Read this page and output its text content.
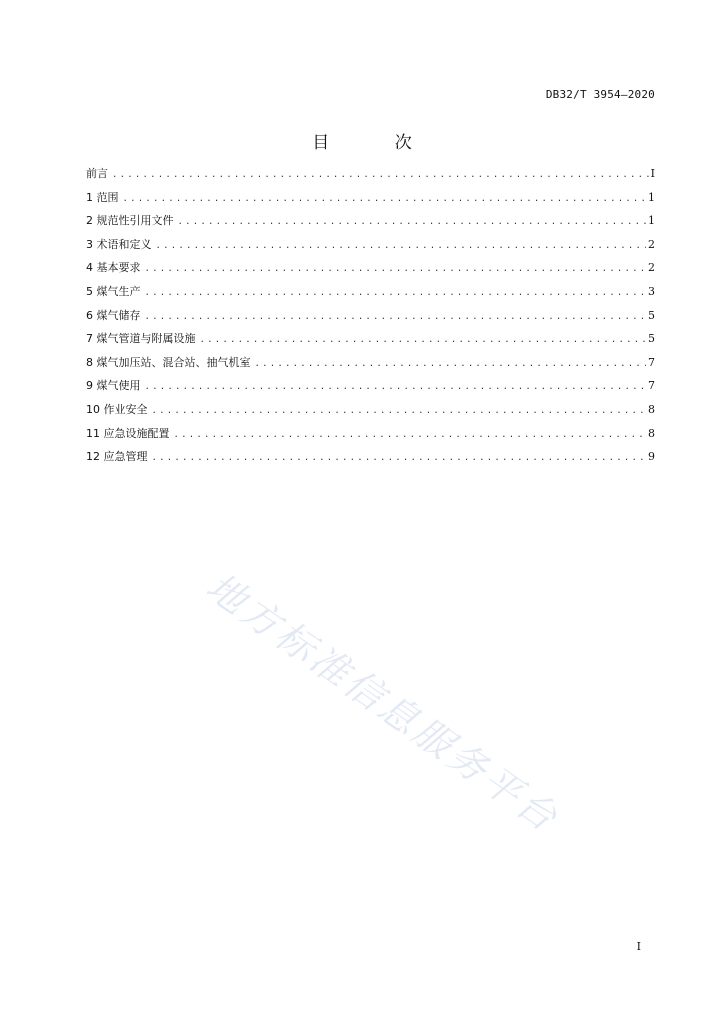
DB32/T 3954—2020
目 次
前言 .....	I
1 范围 .....	1
2 规范性引用文件 .....	1
3 术语和定义 .....	2
4 基本要求 .....	2
5 煤气生产 .....	3
6 煤气储存 .....	5
7 煤气管道与附属设施 .....	5
8 煤气加压站、混合站、抽气机室 .....	7
9 煤气使用 .....	7
10 作业安全 .....	8
11 应急设施配置 .....	8
12 应急管理 .....	9
地方标准信息服务平台
I
